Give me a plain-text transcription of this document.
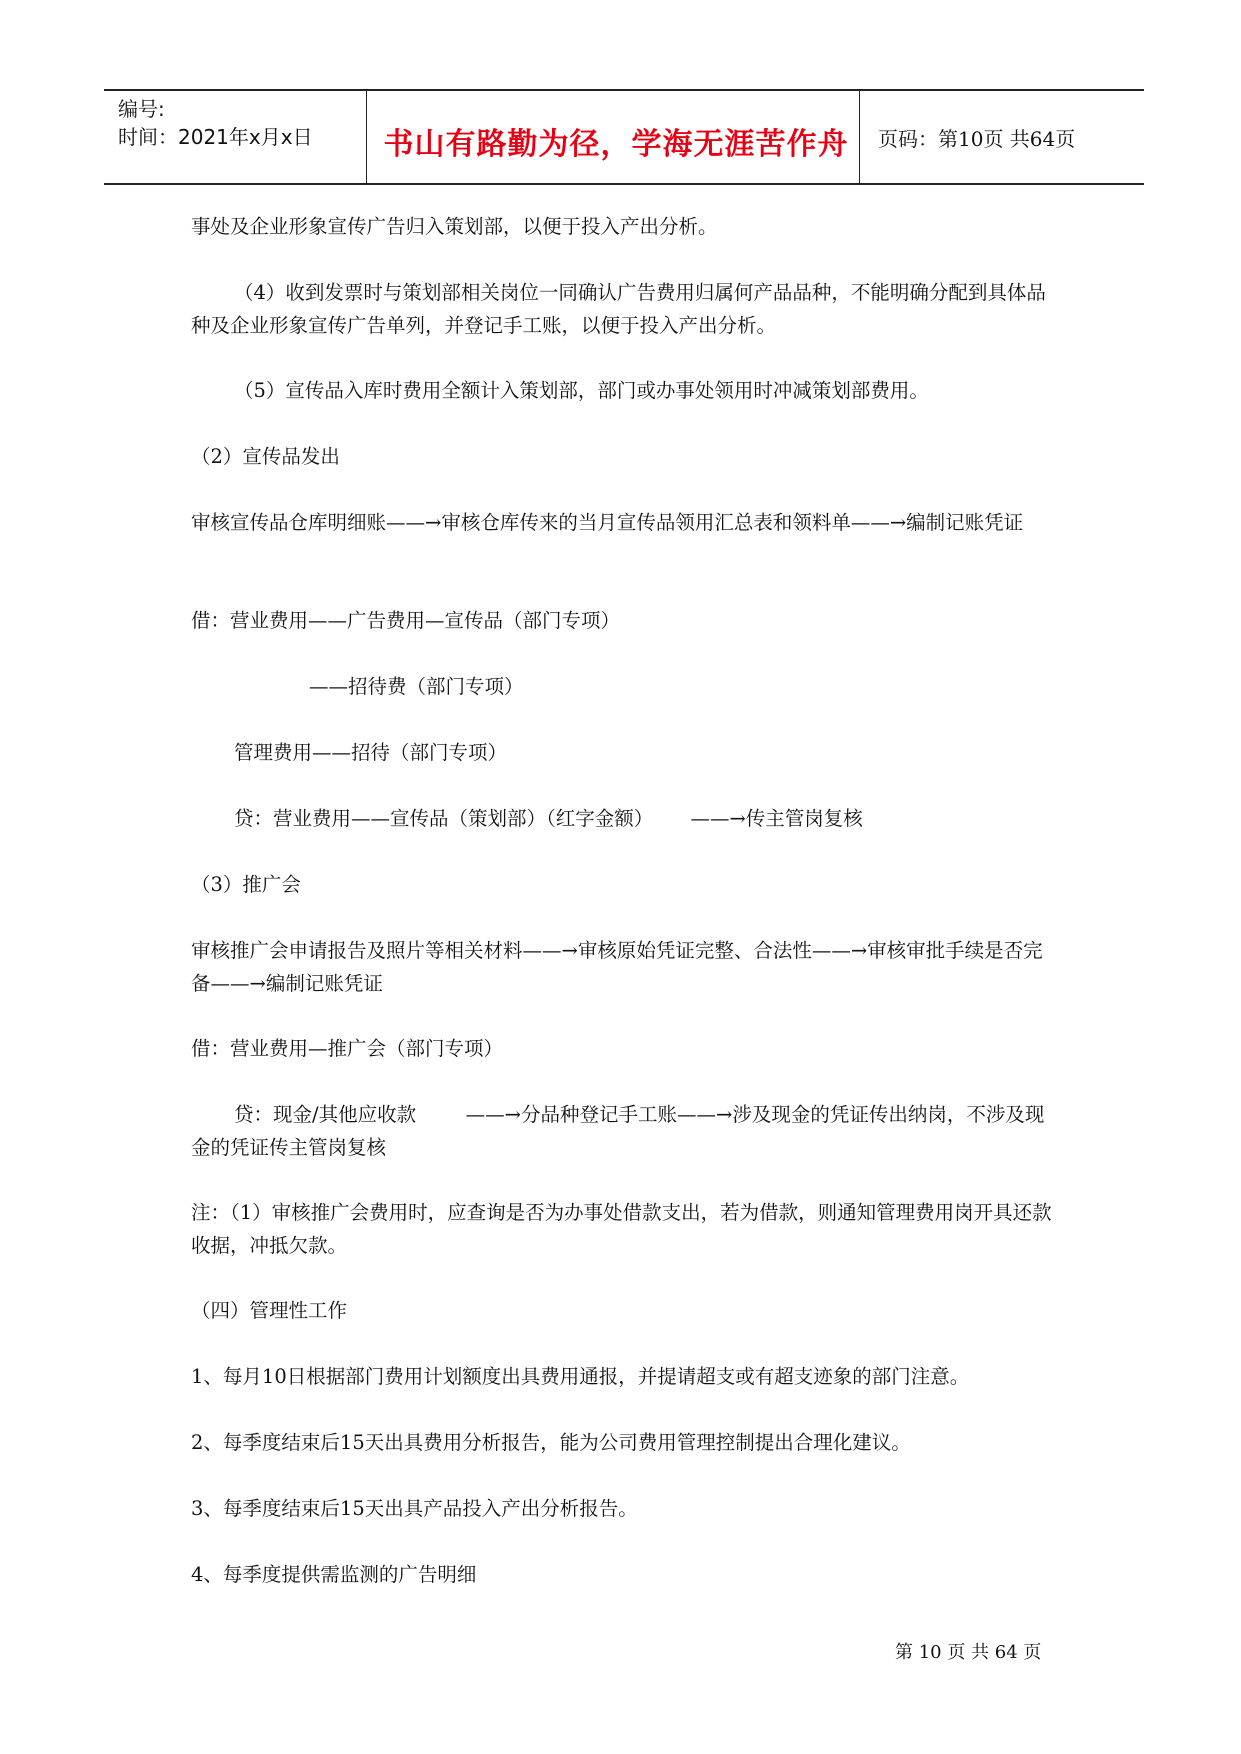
编号:
时间：2021年x月x日	书山有路勤为径，学海无涯苦作舟	页码：第10页 共64页
事处及企业形象宣传广告归入策划部，以便于投入产出分析。
（4）收到发票时与策划部相关岗位一同确认广告费用归属何产品品种，不能明确分配到具体品种及企业形象宣传广告单列，并登记手工账，以便于投入产出分析。
（5）宣传品入库时费用全额计入策划部，部门或办事处领用时冲减策划部费用。
（2）宣传品发出
审核宣传品仓库明细账——→审核仓库传来的当月宣传品领用汇总表和领料单——→编制记账凭证
借：营业费用——广告费用—宣传品（部门专项）
——招待费（部门专项）
管理费用——招待（部门专项）
贷：营业费用——宣传品（策划部）（红字金额）      ——→传主管岗复核
（3）推广会
审核推广会申请报告及照片等相关材料——→审核原始凭证完整、合法性——→审核审批手续是否完备——→编制记账凭证
借：营业费用—推广会（部门专项）
贷：现金/其他应收款        ——→分品种登记手工账——→涉及现金的凭证传出纳岗，不涉及现金的凭证传主管岗复核
注：（1）审核推广会费用时，应查询是否为办事处借款支出，若为借款，则通知管理费用岗开具还款收据，冲抵欠款。
（四）管理性工作
1、每月10日根据部门费用计划额度出具费用通报，并提请超支或有超支迹象的部门注意。
2、每季度结束后15天出具费用分析报告，能为公司费用管理控制提出合理化建议。
3、每季度结束后15天出具产品投入产出分析报告。
4、每季度提供需监测的广告明细
第 10 页 共 64 页
